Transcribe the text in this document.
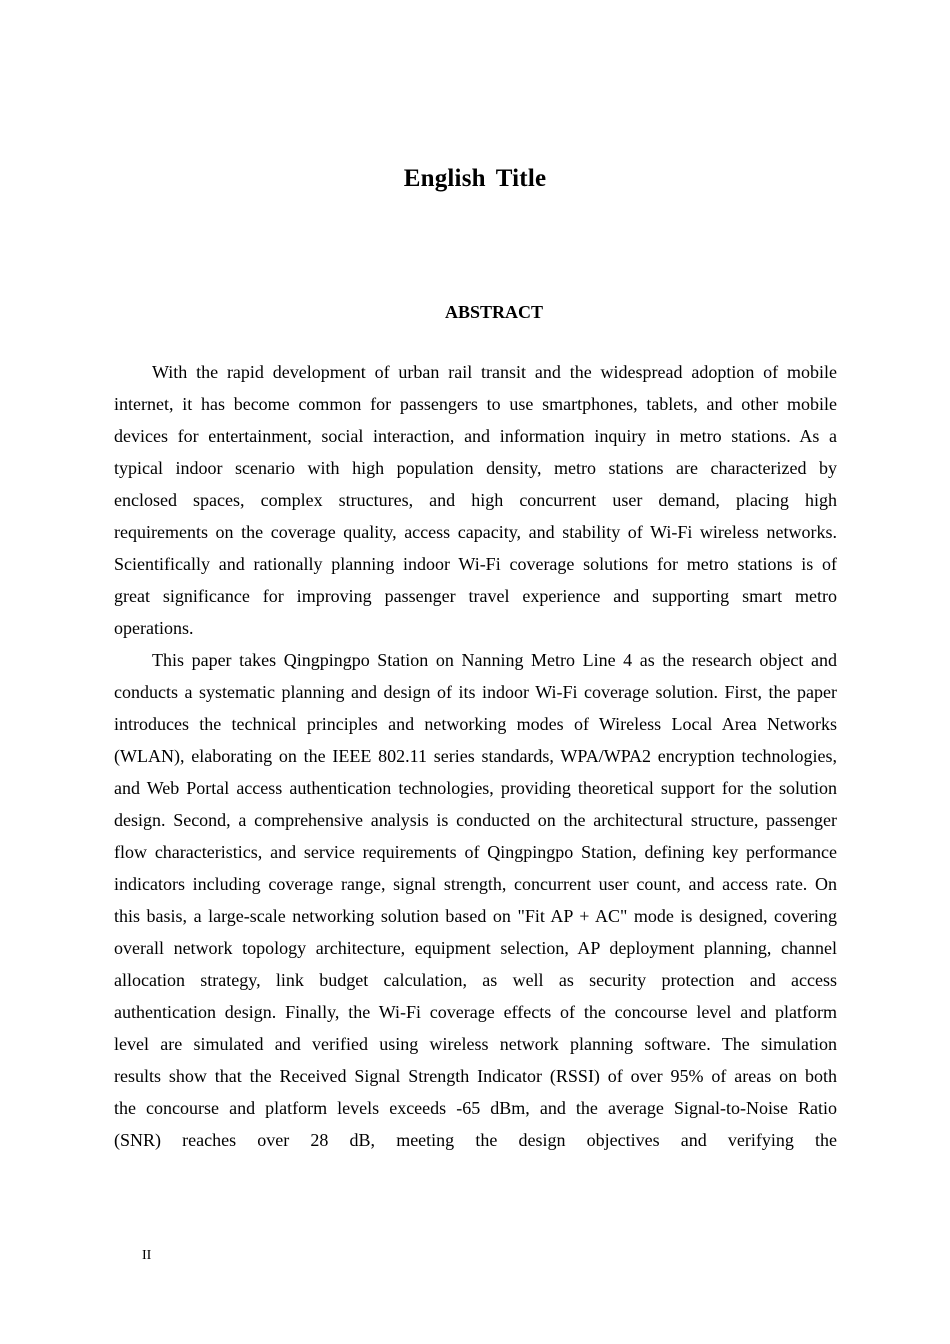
English Title
ABSTRACT

With the rapid development of urban rail transit and the widespread adoption of mobile internet, it has become common for passengers to use smartphones, tablets, and other mobile devices for entertainment, social interaction, and information inquiry in metro stations. As a typical indoor scenario with high population density, metro stations are characterized by enclosed spaces, complex structures, and high concurrent user demand, placing high requirements on the coverage quality, access capacity, and stability of Wi-Fi wireless networks. Scientifically and rationally planning indoor Wi-Fi coverage solutions for metro stations is of great significance for improving passenger travel experience and supporting smart metro operations.

This paper takes Qingpingpo Station on Nanning Metro Line 4 as the research object and conducts a systematic planning and design of its indoor Wi-Fi coverage solution. First, the paper introduces the technical principles and networking modes of Wireless Local Area Networks (WLAN), elaborating on the IEEE 802.11 series standards, WPA/WPA2 encryption technologies, and Web Portal access authentication technologies, providing theoretical support for the solution design. Second, a comprehensive analysis is conducted on the architectural structure, passenger flow characteristics, and service requirements of Qingpingpo Station, defining key performance indicators including coverage range, signal strength, concurrent user count, and access rate. On this basis, a large-scale networking solution based on "Fit AP + AC" mode is designed, covering overall network topology architecture, equipment selection, AP deployment planning, channel allocation strategy, link budget calculation, as well as security protection and access authentication design. Finally, the Wi-Fi coverage effects of the concourse level and platform level are simulated and verified using wireless network planning software. The simulation results show that the Received Signal Strength Indicator (RSSI) of over 95% of areas on both the concourse and platform levels exceeds -65 dBm, and the average Signal-to-Noise Ratio (SNR) reaches over 28 dB, meeting the design objectives and verifying the

II
